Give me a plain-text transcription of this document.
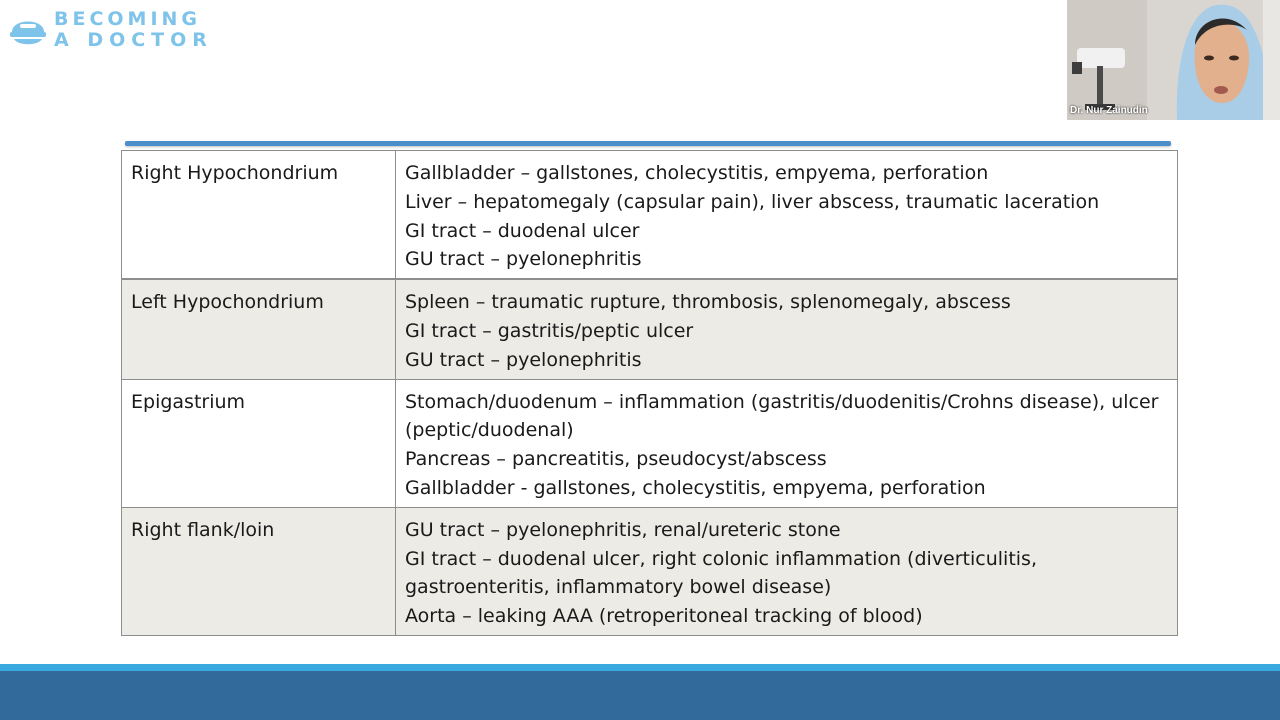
BECOMING
A DOCTOR
Dr. Nur Zainudin
Right Hypochondrium	Gallbladder – gallstones, cholecystitis, empyema, perforation
Liver – hepatomegaly (capsular pain), liver abscess, traumatic laceration
GI tract – duodenal ulcer
GU tract – pyelonephritis

Left Hypochondrium	Spleen – traumatic rupture, thrombosis, splenomegaly, abscess
GI tract – gastritis/peptic ulcer
GU tract – pyelonephritis

Epigastrium	Stomach/duodenum – inflammation (gastritis/duodenitis/Crohns disease), ulcer (peptic/duodenal)
Pancreas – pancreatitis, pseudocyst/abscess
Gallbladder - gallstones, cholecystitis, empyema, perforation

Right flank/loin	GU tract – pyelonephritis, renal/ureteric stone
GI tract – duodenal ulcer, right colonic inflammation (diverticulitis, gastroenteritis, inflammatory bowel disease)
Aorta – leaking AAA (retroperitoneal tracking of blood)
